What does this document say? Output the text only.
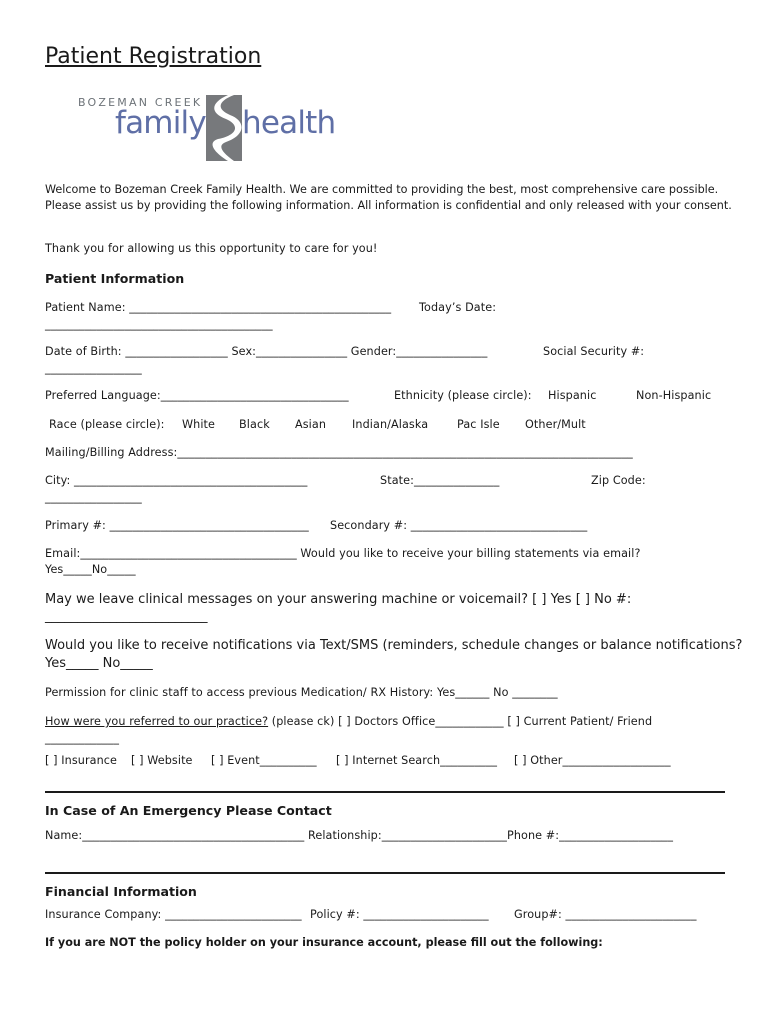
Patient Registration
BOZEMAN CREEK
family health
Welcome to Bozeman Creek Family Health. We are committed to providing the best, most comprehensive care possible. Please assist us by providing the following information. All information is confidential and only released with your consent.
Thank you for allowing us this opportunity to care for you!
Patient Information
Patient Name: ______________________________________________ Today’s Date:
________________________________________
Date of Birth: __________________ Sex:________________ Gender:________________	Social Security #:
_________________
Preferred Language:_________________________________	Ethnicity (please circle): Hispanic	Non-Hispanic
Race (please circle): White Black Asian Indian/Alaska	Pac Isle Other/Mult
Mailing/Billing Address:________________________________________________________________________________
City: _________________________________________	State:_______________	Zip Code:
_________________
Primary #: ___________________________________ Secondary #: _______________________________
Email:______________________________________ Would you like to receive your billing statements via email?
Yes_____No_____
May we leave clinical messages on your answering machine or voicemail? [ ] Yes [ ] No #:
_________________________
Would you like to receive notifications via Text/SMS (reminders, schedule changes or balance notifications?
Yes_____ No_____
Permission for clinic staff to access previous Medication/ RX History: Yes______ No ________
How were you referred to our practice? (please ck) [ ] Doctors Office____________ [ ] Current Patient/ Friend
_____________
[ ] Insurance [ ] Website [ ] Event__________ [ ] Internet Search__________ [ ] Other___________________
In Case of An Emergency Please Contact
Name:_______________________________________ Relationship:______________________Phone #:____________________
Financial Information
Insurance Company: ________________________ Policy #: ______________________ Group#: _______________________
If you are NOT the policy holder on your insurance account, please fill out the following:
